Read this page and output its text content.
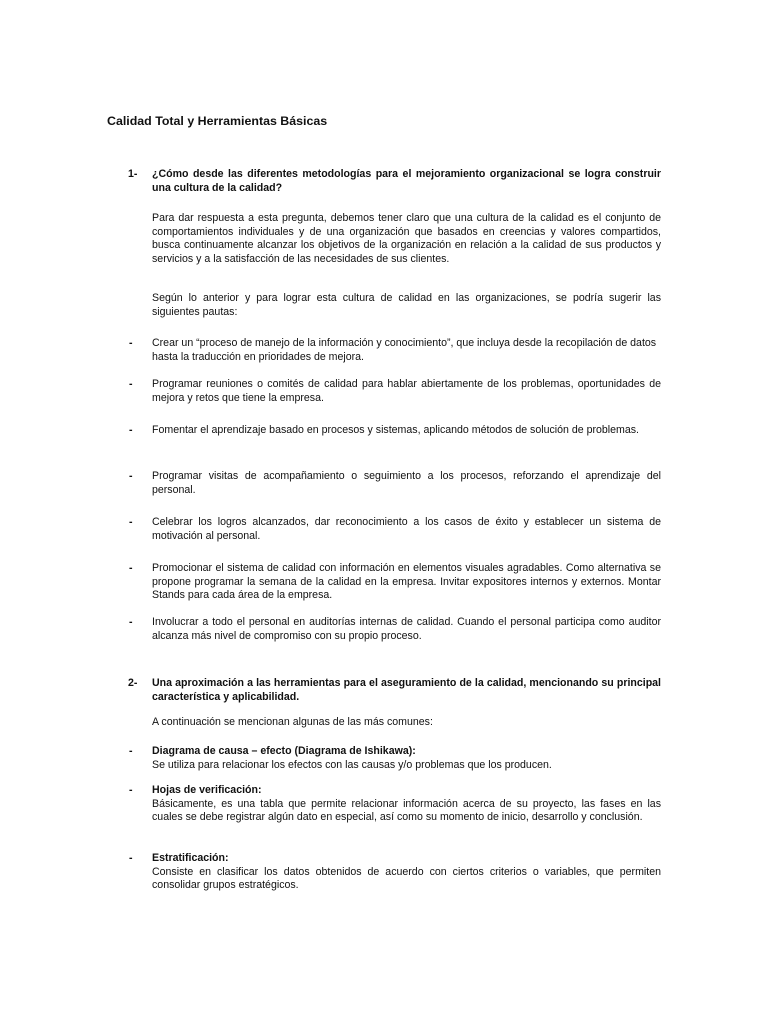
Calidad Total y Herramientas Básicas
1- ¿Cómo desde las diferentes metodologías para el mejoramiento organizacional se logra construir una cultura de la calidad?

Para dar respuesta a esta pregunta, debemos tener claro que una cultura de la calidad es el conjunto de comportamientos individuales y de una organización que basados en creencias y valores compartidos, busca continuamente alcanzar los objetivos de la organización en relación a la calidad de sus productos y servicios y a la satisfacción de las necesidades de sus clientes.

Según lo anterior y para lograr esta cultura de calidad en las organizaciones, se podría sugerir las siguientes pautas:

- Crear un “proceso de manejo de la información y conocimiento”, que incluya desde la recopilación de datos hasta la traducción en prioridades de mejora.

- Programar reuniones o comités de calidad para hablar abiertamente de los problemas, oportunidades de mejora y retos que tiene la empresa.

- Fomentar el aprendizaje basado en procesos y sistemas, aplicando métodos de solución de problemas.

- Programar visitas de acompañamiento o seguimiento a los procesos, reforzando el aprendizaje del personal.

- Celebrar los logros alcanzados, dar reconocimiento a los casos de éxito y establecer un sistema de motivación al personal.

- Promocionar el sistema de calidad con información en elementos visuales agradables. Como alternativa se propone programar la semana de la calidad en la empresa. Invitar expositores internos y externos. Montar Stands para cada área de la empresa.

- Involucrar a todo el personal en auditorías internas de calidad. Cuando el personal participa como auditor alcanza más nivel de compromiso con su propio proceso.

2- Una aproximación a las herramientas para el aseguramiento de la calidad, mencionando su principal característica y aplicabilidad.

A continuación se mencionan algunas de las más comunes:

- Diagrama de causa – efecto (Diagrama de Ishikawa):
Se utiliza para relacionar los efectos con las causas y/o problemas que los producen.
- Hojas de verificación:
Básicamente, es una tabla que permite relacionar información acerca de su proyecto, las fases en las cuales se debe registrar algún dato en especial, así como su momento de inicio, desarrollo y conclusión.
- Estratificación:
Consiste en clasificar los datos obtenidos de acuerdo con ciertos criterios o variables, que permiten consolidar grupos estratégicos.
